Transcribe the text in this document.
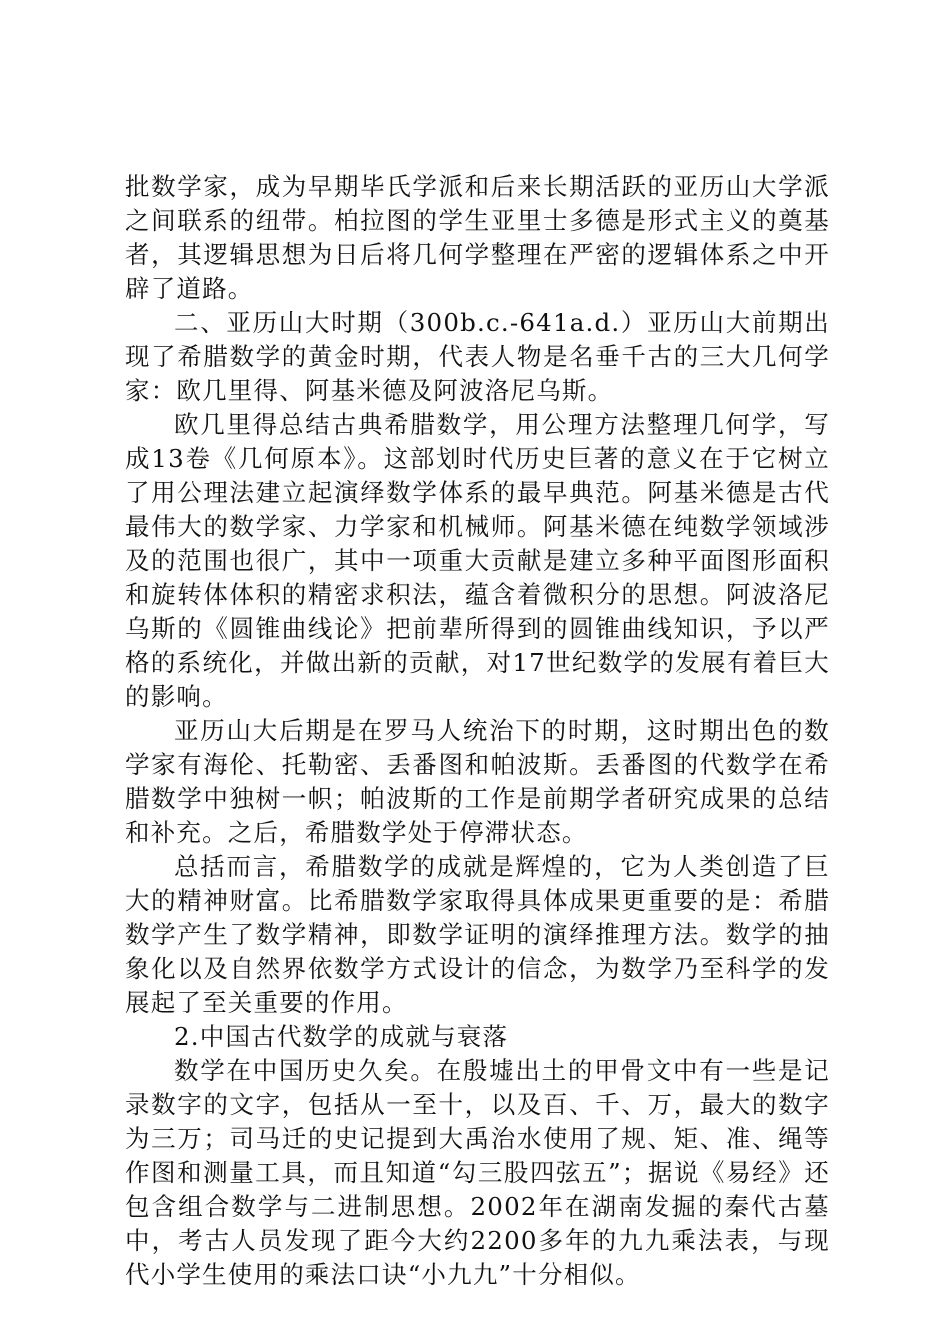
批数学家，成为早期毕氏学派和后来长期活跃的亚历山大学派之间联系的纽带。柏拉图的学生亚里士多德是形式主义的奠基者，其逻辑思想为日后将几何学整理在严密的逻辑体系之中开辟了道路。

二、亚历山大时期（300b.c.-641a.d.）亚历山大前期出现了希腊数学的黄金时期，代表人物是名垂千古的三大几何学家：欧几里得、阿基米德及阿波洛尼乌斯。

欧几里得总结古典希腊数学，用公理方法整理几何学，写成13卷《几何原本》。这部划时代历史巨著的意义在于它树立了用公理法建立起演绎数学体系的最早典范。阿基米德是古代最伟大的数学家、力学家和机械师。阿基米德在纯数学领域涉及的范围也很广，其中一项重大贡献是建立多种平面图形面积和旋转体体积的精密求积法，蕴含着微积分的思想。阿波洛尼乌斯的《圆锥曲线论》把前辈所得到的圆锥曲线知识，予以严格的系统化，并做出新的贡献，对17世纪数学的发展有着巨大的影响。

亚历山大后期是在罗马人统治下的时期，这时期出色的数学家有海伦、托勒密、丢番图和帕波斯。丢番图的代数学在希腊数学中独树一帜；帕波斯的工作是前期学者研究成果的总结和补充。之后，希腊数学处于停滞状态。

总括而言，希腊数学的成就是辉煌的，它为人类创造了巨大的精神财富。比希腊数学家取得具体成果更重要的是：希腊数学产生了数学精神，即数学证明的演绎推理方法。数学的抽象化以及自然界依数学方式设计的信念，为数学乃至科学的发展起了至关重要的作用。

2.中国古代数学的成就与衰落

数学在中国历史久矣。在殷墟出土的甲骨文中有一些是记录数字的文字，包括从一至十，以及百、千、万，最大的数字为三万；司马迁的史记提到大禹治水使用了规、矩、准、绳等作图和测量工具，而且知道“勾三股四弦五”；据说《易经》还包含组合数学与二进制思想。2002年在湖南发掘的秦代古墓中，考古人员发现了距今大约2200多年的九九乘法表，与现代小学生使用的乘法口诀“小九九”十分相似。
